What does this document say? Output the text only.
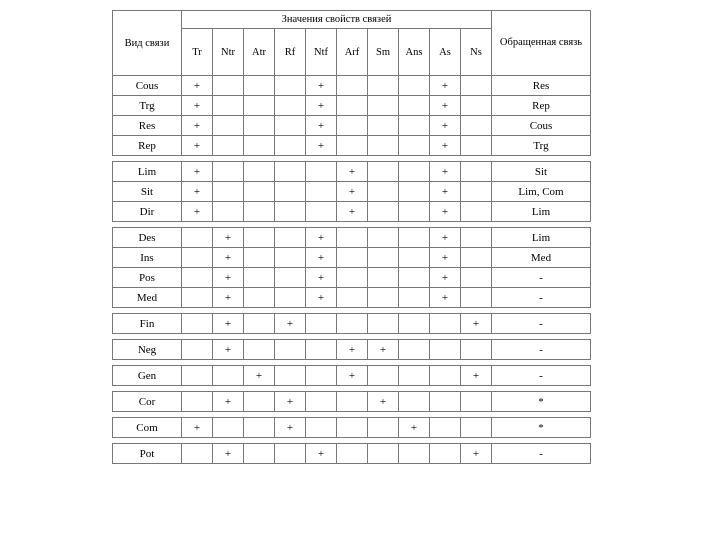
Вид связи	Значения свойств связей										Обращенная связь
	Tr	Ntr	Atr	Rf	Ntf	Arf	Sm	Ans	As	Ns	
Cous	+				+				+		Res
Trg	+				+				+		Rep
Res	+				+				+		Cous
Rep	+				+				+		Trg

Lim	+					+			+		Sit
Sit	+					+			+		Lim, Com
Dir	+					+			+		Lim

Des		+			+				+		Lim
Ins		+			+				+		Med
Pos		+			+				+		-
Med		+			+				+		-

Fin		+		+						+	-

Neg		+				+	+				-

Gen			+			+				+	-

Cor		+		+			+				*

Com	+			+				+			*

Pot		+			+					+	-
